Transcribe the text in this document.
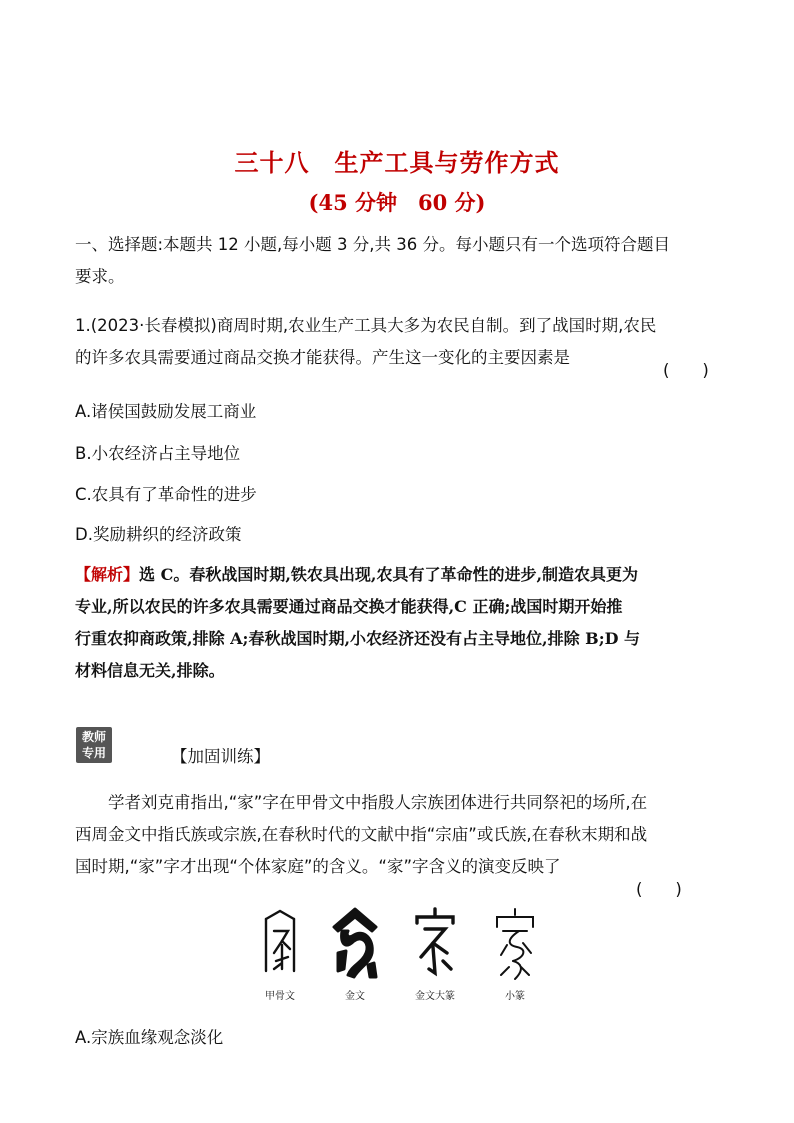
三十八　生产工具与劳作方式
(45 分钟　60 分)
一、选择题:本题共 12 小题,每小题 3 分,共 36 分。每小题只有一个选项符合题目
要求。
1.(2023·长春模拟)商周时期,农业生产工具大多为农民自制。到了战国时期,农民
的许多农具需要通过商品交换才能获得。产生这一变化的主要因素是
(　　)
A.诸侯国鼓励发展工商业
B.小农经济占主导地位
C.农具有了革命性的进步
D.奖励耕织的经济政策
【解析】选 C。春秋战国时期,铁农具出现,农具有了革命性的进步,制造农具更为
专业,所以农民的许多农具需要通过商品交换才能获得,C 正确;战国时期开始推
行重农抑商政策,排除 A;春秋战国时期,小农经济还没有占主导地位,排除 B;D 与
材料信息无关,排除。
教师
专用	【加固训练】
学者刘克甫指出,“家”字在甲骨文中指殷人宗族团体进行共同祭祀的场所,在
西周金文中指氏族或宗族,在春秋时代的文献中指“宗庙”或氏族,在春秋末期和战
国时期,“家”字才出现“个体家庭”的含义。“家”字含义的演变反映了
(　　)
甲骨文	金文	金文大篆	小篆
A.宗族血缘观念淡化
